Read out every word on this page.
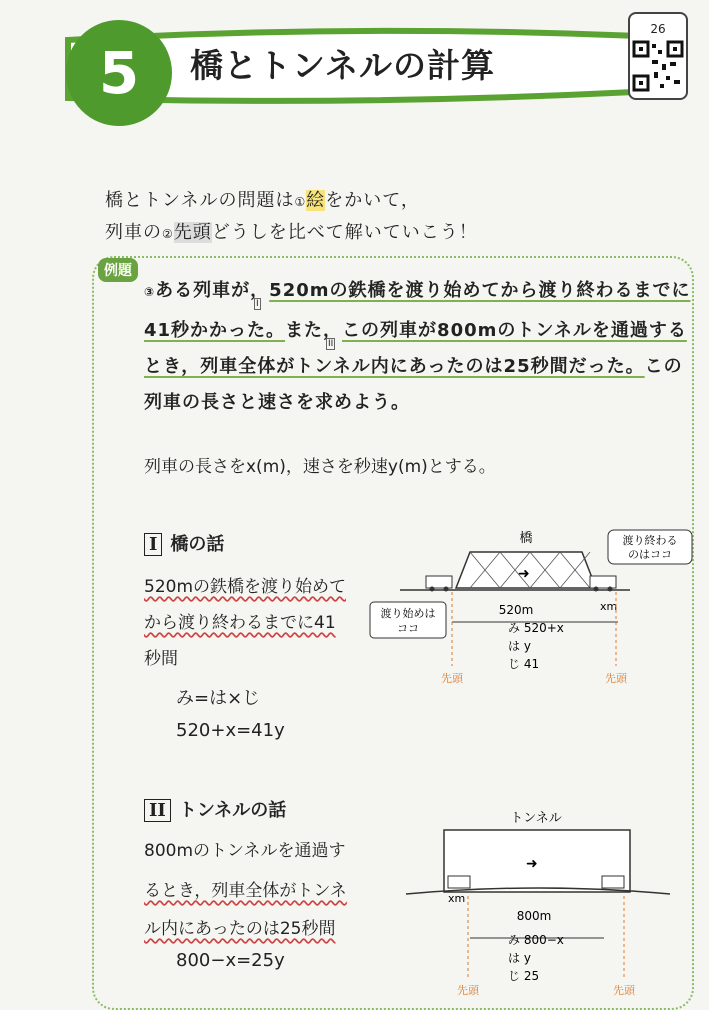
5 橋とトンネルの計算
26
橋とトンネルの問題は①絵をかいて，
列車の②先頭どうしを比べて解いていこう！
例題
③ある列車が，520mの鉄橋を渡り始めてから渡り終わるまでに
41秒かかった。また，この列車が800mのトンネルを通過する
I
II
とき，列車全体がトンネル内にあったのは25秒間だった。この
列車の長さと速さを求めよう。
列車の長さをx(m)，速さを秒速y(m)とする。
I 橋の話
520mの鉄橋を渡り始めて
から渡り終わるまでに41
秒間
み=は×じ
520+x=41y
橋
➜
渡り終わる
のはココ
渡り始めは
ココ
520m	xm
み 520+x
は y
じ 41
先頭	先頭
II トンネルの話
800mのトンネルを通過す
るとき，列車全体がトンネ
ル内にあったのは25秒間
800−x=25y
トンネル
➜
xm
800m
み 800−x
は y
じ 25
先頭	先頭
